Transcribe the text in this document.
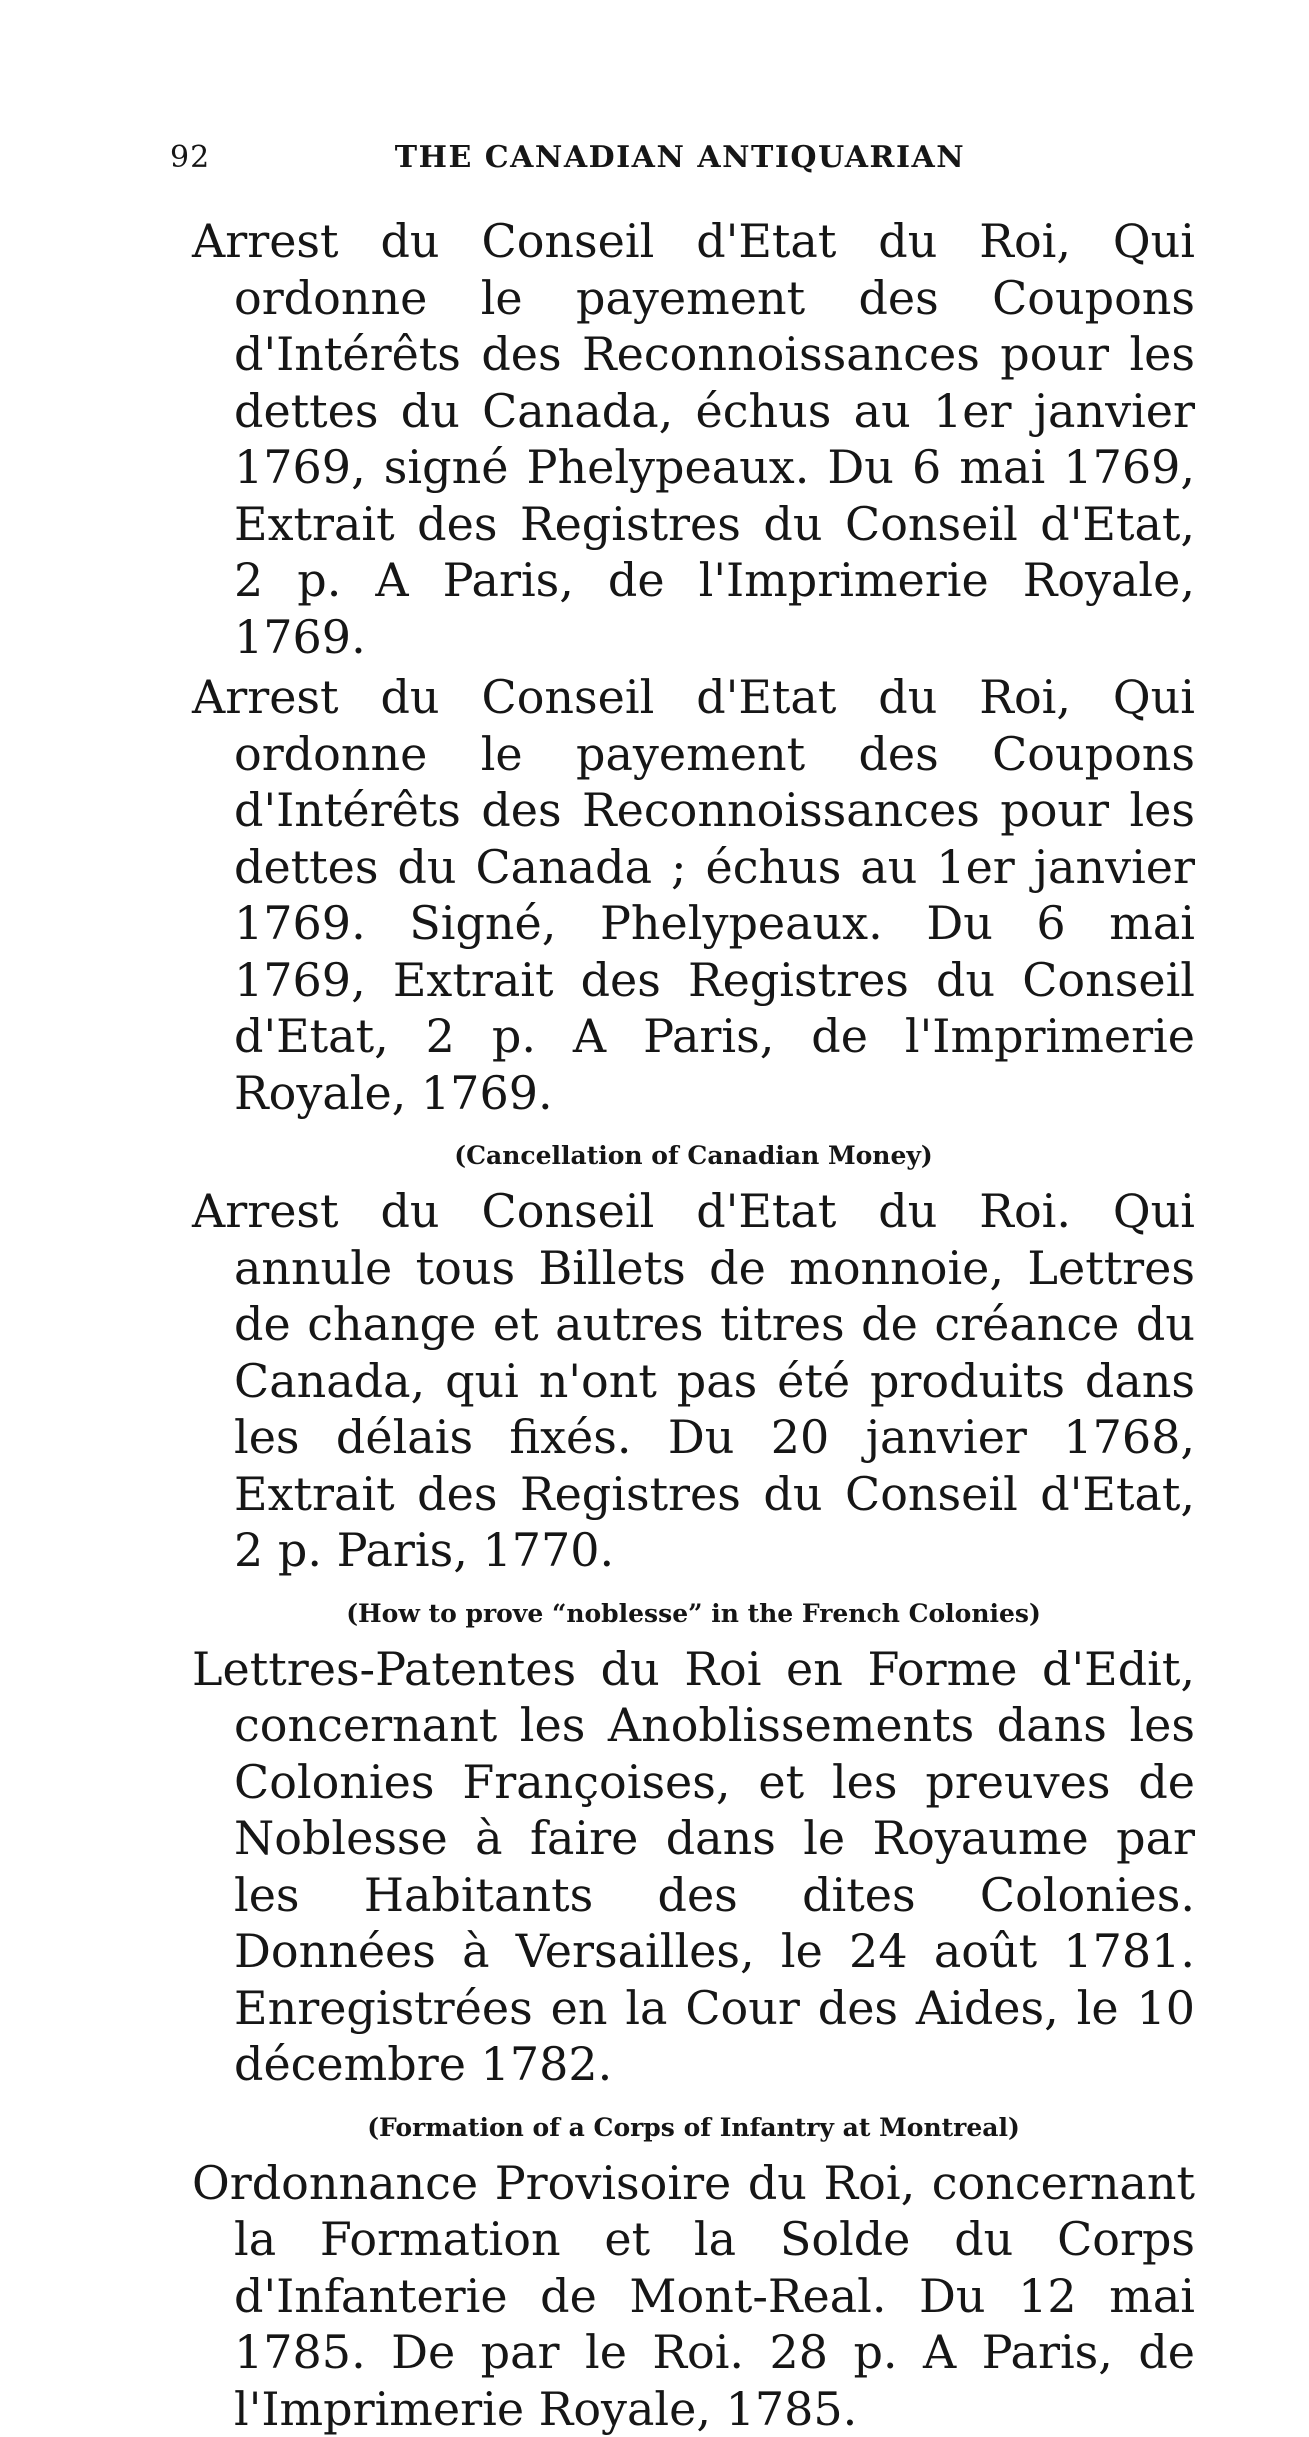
92	THE CANADIAN ANTIQUARIAN

Arrest du Conseil d'Etat du Roi, Qui ordonne le payement des Coupons d'Intérêts des Reconnoissances pour les dettes du Canada, échus au 1er janvier 1769, signé Phelypeaux. Du 6 mai 1769, Extrait des Registres du Conseil d'Etat, 2 p. A Paris, de l'Imprimerie Royale, 1769.

Arrest du Conseil d'Etat du Roi, Qui ordonne le payement des Coupons d'Intérêts des Reconnoissances pour les dettes du Canada ; échus au 1er janvier 1769. Signé, Phelypeaux. Du 6 mai 1769, Extrait des Registres du Conseil d'Etat, 2 p. A Paris, de l'Imprimerie Royale, 1769.

(Cancellation of Canadian Money)

Arrest du Conseil d'Etat du Roi. Qui annule tous Billets de monnoie, Lettres de change et autres titres de créance du Canada, qui n'ont pas été produits dans les délais fixés. Du 20 janvier 1768, Extrait des Registres du Conseil d'Etat, 2 p. Paris, 1770.

(How to prove “noblesse” in the French Colonies)

Lettres-Patentes du Roi en Forme d'Edit, concernant les Anoblissements dans les Colonies Françoises, et les preuves de Noblesse à faire dans le Royaume par les Habitants des dites Colonies. Données à Versailles, le 24 août 1781. Enregistrées en la Cour des Aides, le 10 décembre 1782.

(Formation of a Corps of Infantry at Montreal)

Ordonnance Provisoire du Roi, concernant la Formation et la Solde du Corps d'Infanterie de Mont-Real. Du 12 mai 1785. De par le Roi. 28 p. A Paris, de l'Imprimerie Royale, 1785.
